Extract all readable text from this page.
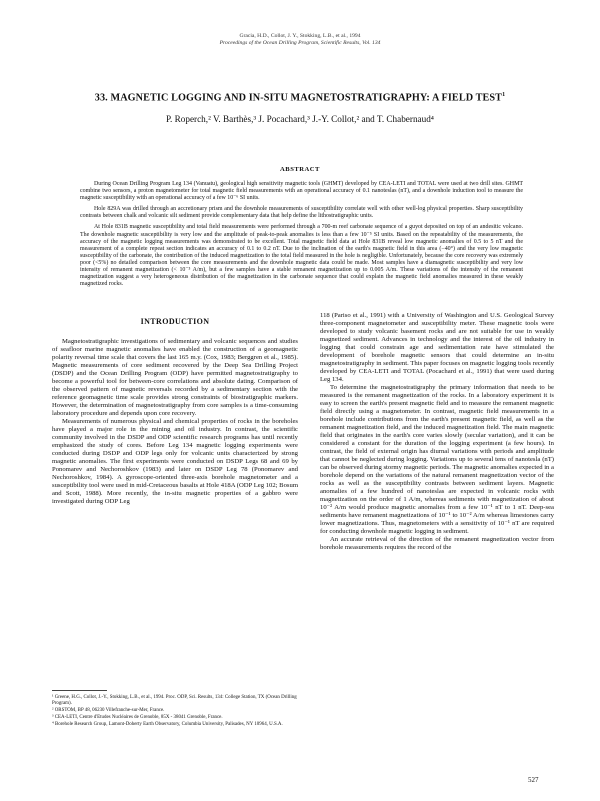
Gracia, H.D., Collot, J. Y., Stokking, L.B., et al., 1994
Proceedings of the Ocean Drilling Program, Scientific Results, Vol. 134
33. MAGNETIC LOGGING AND IN-SITU MAGNETOSTRATIGRAPHY: A FIELD TEST$^1$
P. Roperch,² V. Barthès,³ J. Pocachard,³ J.-Y. Collot,² and T. Chabernaud⁴
ABSTRACT

During Ocean Drilling Program Leg 134 (Vanuatu), geological high sensitivity magnetic tools (GHMT) developed by CEA-LETI and TOTAL were used at two drill sites. GHMT combine two sensors, a proton magnetometer for total magnetic field measurements with an operational accuracy of 0.1 nanoteslas (nT), and a downhole induction tool to measure the magnetic susceptibility with an operational accuracy of a few 10⁻⁶ SI units.

Hole 829A was drilled through an accretionary prism and the downhole measurements of susceptibility correlate well with other well-log physical properties. Sharp susceptibility contrasts between chalk and volcanic silt sediment provide complementary data that help define the lithostratigraphic units.

At Hole 831B magnetic susceptibility and total field measurements were performed through a 700-m reef carbonate sequence of a guyot deposited on top of an andesitic volcano. The downhole magnetic susceptibility is very low and the amplitude of peak-to-peak anomalies is less than a few 10⁻⁵ SI units. Based on the repeatability of the measurements, the accuracy of the magnetic logging measurements was demonstrated to be excellent. Total magnetic field data at Hole 831B reveal low magnetic anomalies of 0.5 to 5 nT and the measurement of a complete repeat section indicates an accuracy of 0.1 to 0.2 nT. Due to the inclination of the earth's magnetic field in this area (−40°) and the very low magnetic susceptibility of the carbonate, the contribution of the induced magnetization to the total field measured in the hole is negligible. Unfortunately, because the core recovery was extremely poor (<5%) no detailed comparison between the core measurements and the downhole magnetic data could be made. Most samples have a diamagnetic susceptibility and very low intensity of remanent magnetization (< 10⁻³ A/m), but a few samples have a stable remanent magnetization up to 0.005 A/m. These variations of the intensity of the remanent magnetization suggest a very heterogeneous distribution of the magnetization in the carbonate sequence that could explain the magnetic field anomalies measured in these weakly magnetized rocks.

Magnetostratigraphic investigations of sedimentary and volcanic sequences and studies of seafloor marine magnetic anomalies have enabled the construction of a geomagnetic polarity reversal time scale that covers the last 165 m.y. (Cox, 1983; Berggren et al., 1985). Magnetic measurements of core sediment recovered by the Deep Sea Drilling Project (DSDP) and the Ocean Drilling Program (ODP) have permitted magnetostratigraphy to become a powerful tool for between-core correlations and absolute dating. Comparison of the observed pattern of magnetic reversals recorded by a sedimentary section with the reference geomagnetic time scale provides strong constraints of biostratigraphic markers. However, the determination of magnetostratigraphy from core samples is a time-consuming laboratory procedure and depends upon core recovery.

Measurements of numerous physical and chemical properties of rocks in the boreholes have played a major role in the mining and oil industry. In contrast, the scientific community involved in the DSDP and ODP scientific research programs has until recently emphasized the study of cores. Before Leg 134 magnetic logging experiments were conducted during DSDP and ODP legs only for volcanic units characterized by strong magnetic anomalies. The first experiments were conducted on DSDP Legs 68 and 69 by Ponomarev and Nechoroshkov (1983) and later on DSDP Leg 78 (Ponomarev and Nechoroshkov, 1984). A gyroscope-oriented three-axis borehole magnetometer and a susceptibility tool were used in mid-Cretaceous basalts at Hole 418A (ODP Leg 102; Bosum and Scott, 1988). More recently, the in-situ magnetic properties of a gabbro were investigated during ODP Leg

118 (Pariso et al., 1991) with a University of Washington and U.S. Geological Survey three-component magnetometer and susceptibility meter. These magnetic tools were developed to study volcanic basement rocks and are not suitable for use in weakly magnetized sediment. Advances in technology and the interest of the oil industry in logging that could constrain age and sedimentation rate have stimulated the development of borehole magnetic sensors that could determine an in-situ magnetostratigraphy in sediment. This paper focuses on magnetic logging tools recently developed by CEA-LETI and TOTAL (Pocachard et al., 1991) that were used during Leg 134.

To determine the magnetostratigraphy the primary information that needs to be measured is the remanent magnetization of the rocks. In a laboratory experiment it is easy to screen the earth's present magnetic field and to measure the remanent magnetic field directly using a magnetometer. In contrast, magnetic field measurements in a borehole include contributions from the earth's present magnetic field, as well as the remanent magnetization field, and the induced magnetization field. The main magnetic field that originates in the earth's core varies slowly (secular variation), and it can be considered a constant for the duration of the logging experiment (a few hours). In contrast, the field of external origin has diurnal variations with periods and amplitude that cannot be neglected during logging. Variations up to several tens of nanotesla (nT) can be observed during stormy magnetic periods. The magnetic anomalies expected in a borehole depend on the variations of the natural remanent magnetization vector of the rocks as well as the susceptibility contrasts between sediment layers. Magnetic anomalies of a few hundred of nanoteslas are expected in volcanic rocks with magnetization on the order of 1 A/m, whereas sediments with magnetization of about 10⁻² A/m would produce magnetic anomalies from a few 10⁻¹ nT to 1 nT. Deep-sea sediments have remanent magnetizations of 10⁻¹ to 10⁻² A/m whereas limestones carry lower magnetizations. Thus, magnetometers with a sensitivity of 10⁻¹ nT are required for conducting downhole magnetic logging in sediment.

An accurate retrieval of the direction of the remanent magnetization vector from borehole measurements requires the record of the

INTRODUCTION
¹ Greene, H.G., Collot, J.-Y., Stokking, L.B., et al., 1994. Proc. ODP, Sci. Results, 134: College Station, TX (Ocean Drilling Program).
² ORSTOM, BP 48, 06230 Villefranche-sur-Mer, France.
³ CEA-LETI, Centre d'Etudes Nucléaires de Grenoble, 85X - 38041 Grenoble, France.
⁴ Borehole Research Group, Lamont-Doherty Earth Observatory, Columbia University, Palisades, NY 10964, U.S.A.
527
